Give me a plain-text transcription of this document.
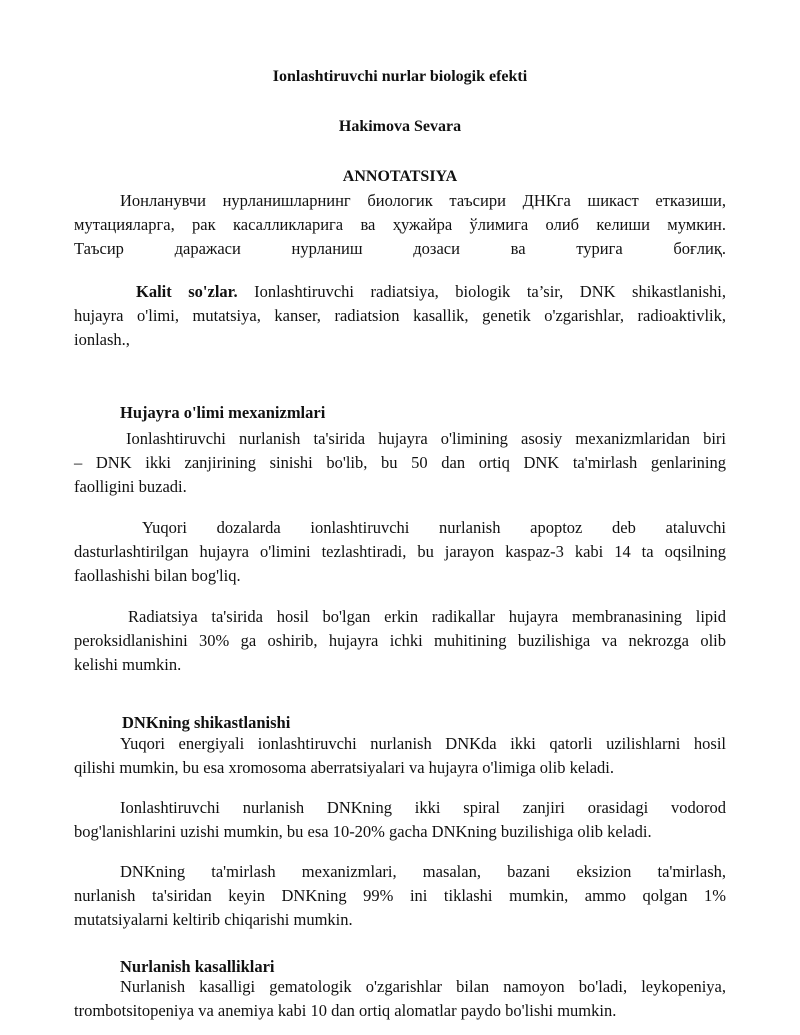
Ionlashtiruvchi nurlar biologik efekti
Hakimova Sevara
ANNOTATSIYA
Ионланувчи нурланишларнинг биологик таъсири ДНКга шикаст етказиши,
мутацияларга, рак касалликларига ва ҳужайра ўлимига олиб келиши мумкин.
Таъсир даражаси нурланиш дозаси ва турига боғлиқ.
Kalit so'zlar. Ionlashtiruvchi radiatsiya, biologik ta’sir, DNK shikastlanishi,
hujayra o'limi, mutatsiya, kanser, radiatsion kasallik, genetik o'zgarishlar, radioaktivlik,
ionlash.,
Hujayra o'limi mexanizmlari
Ionlashtiruvchi nurlanish ta'sirida hujayra o'limining asosiy mexanizmlaridan biri
– DNK ikki zanjirining sinishi bo'lib, bu 50 dan ortiq DNK ta'mirlash genlarining
faolligini buzadi.
Yuqori dozalarda ionlashtiruvchi nurlanish apoptoz deb ataluvchi
dasturlashtirilgan hujayra o'limini tezlashtiradi, bu jarayon kaspaz-3 kabi 14 ta oqsilning
faollashishi bilan bog'liq.
Radiatsiya ta'sirida hosil bo'lgan erkin radikallar hujayra membranasining lipid
peroksidlanishini 30% ga oshirib, hujayra ichki muhitining buzilishiga va nekrozga olib
kelishi mumkin.
DNKning shikastlanishi
Yuqori energiyali ionlashtiruvchi nurlanish DNKda ikki qatorli uzilishlarni hosil
qilishi mumkin, bu esa xromosoma aberratsiyalari va hujayra o'limiga olib keladi.
Ionlashtiruvchi nurlanish DNKning ikki spiral zanjiri orasidagi vodorod
bog'lanishlarini uzishi mumkin, bu esa 10-20% gacha DNKning buzilishiga olib keladi.
DNKning ta'mirlash mexanizmlari, masalan, bazani eksizion ta'mirlash,
nurlanish ta'siridan keyin DNKning 99% ini tiklashi mumkin, ammo qolgan 1%
mutatsiyalarni keltirib chiqarishi mumkin.
Nurlanish kasalliklari
Nurlanish kasalligi gematologik o'zgarishlar bilan namoyon bo'ladi, leykopeniya,
trombotsitopeniya va anemiya kabi 10 dan ortiq alomatlar paydo bo'lishi mumkin.
